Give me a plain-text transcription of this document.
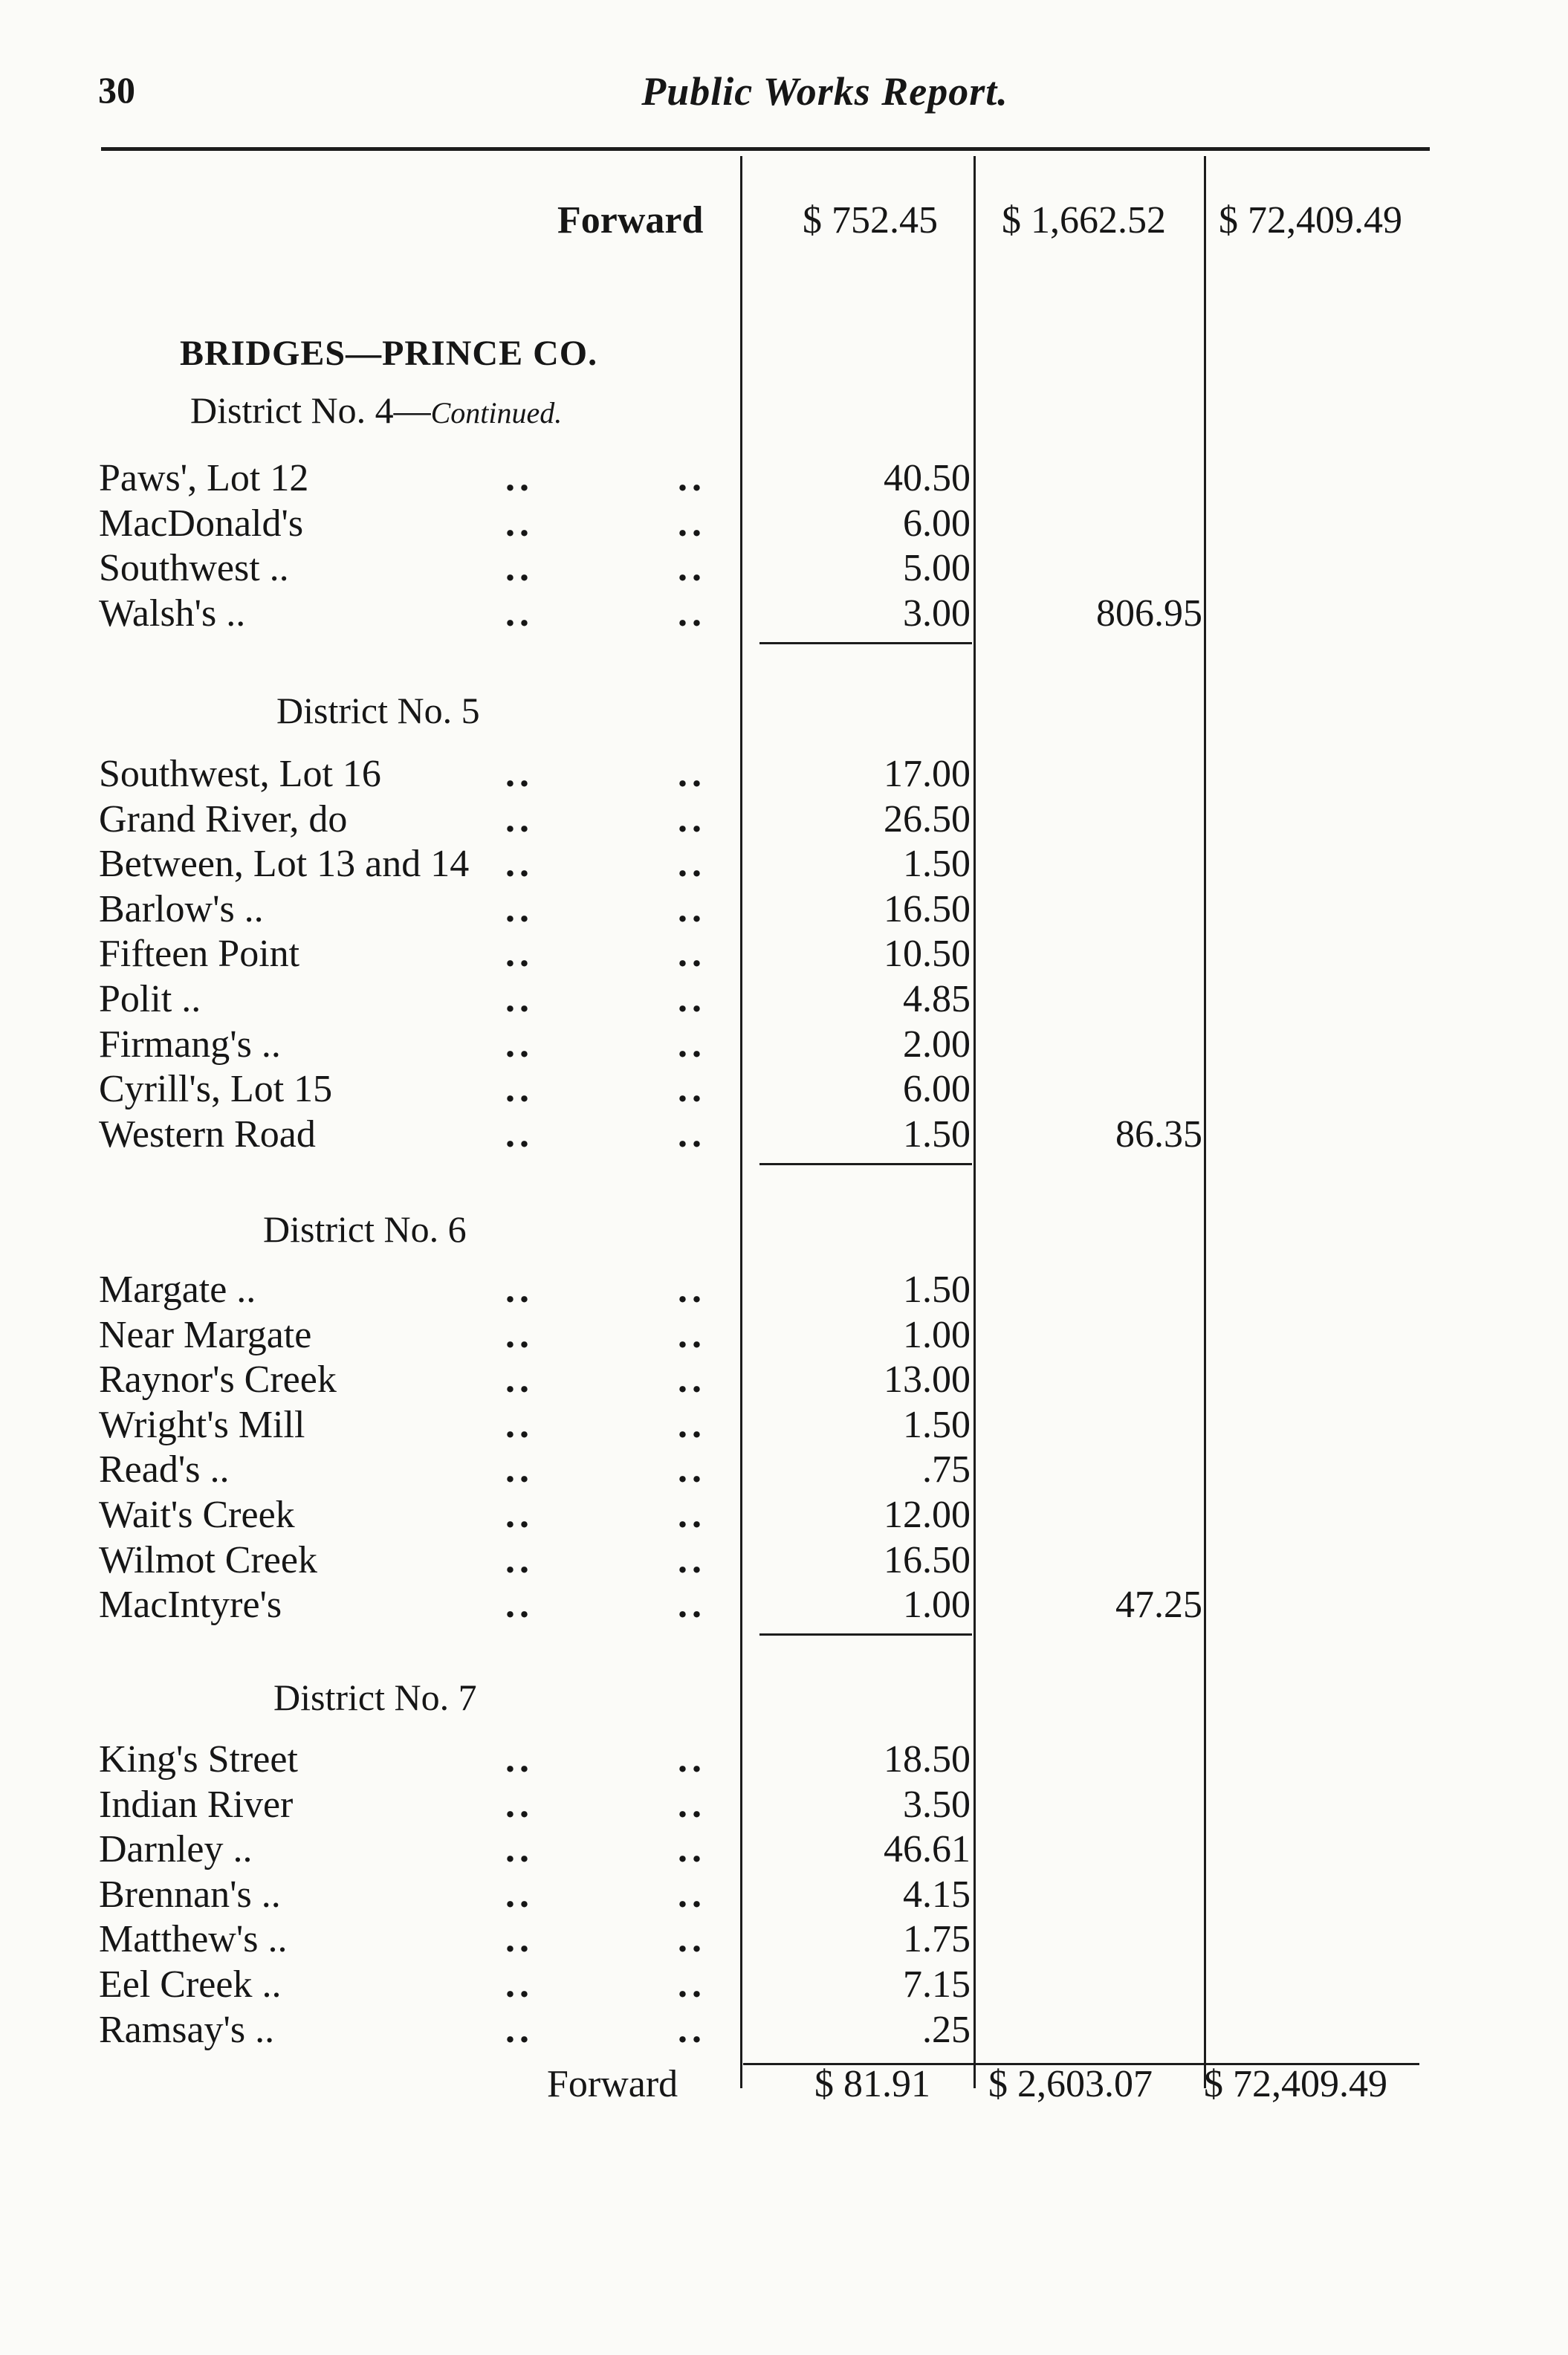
30	Public Works Report.
Forward	$ 752.45 $ 1,662.52 $ 72,409.49
BRIDGES—PRINCE CO.
District No. 4—Continued.
Paws', Lot 12	..	..	40.50
MacDonald's	..	..	6.00
Southwest ..	..	..	5.00
Walsh's ..	..	..	3.00	806.95
District No. 5
Southwest, Lot 16	..	..	17.00
Grand River, do	..	..	26.50
Between, Lot 13 and 14 ..	..	1.50
Barlow's ..	..	..	16.50
Fifteen Point	..	..	10.50
Polit ..	..	..	4.85
Firmang's ..	..	..	2.00
Cyrill's, Lot 15	..	..	6.00
Western Road	..	..	1.50	86.35
District No. 6
Margate ..	..	..	1.50
Near Margate	..	..	1.00
Raynor's Creek	..	..	13.00
Wright's Mill	..	..	1.50
Read's ..	..	..	.75
Wait's Creek	..	..	12.00
Wilmot Creek	..	..	16.50
MacIntyre's	..	..	1.00	47.25
District No. 7
King's Street	..	..	18.50
Indian River	..	..	3.50
Darnley ..	..	..	46.61
Brennan's ..	..	..	4.15
Matthew's ..	..	..	1.75
Eel Creek ..	..	..	7.15
Ramsay's ..	..	..	.25
Forward	$ 81.91 $ 2,603.07 $ 72,409.49
